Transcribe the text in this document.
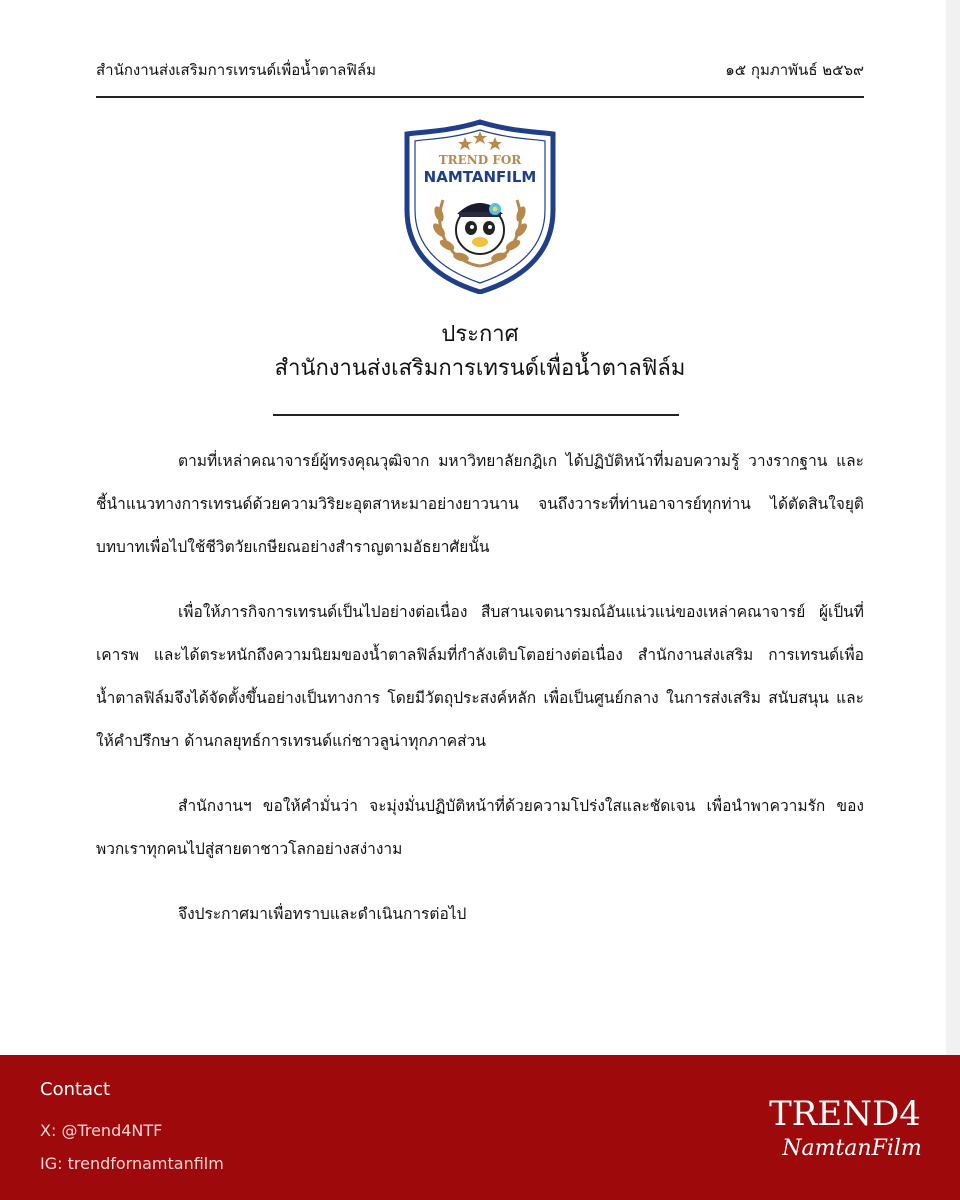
สำนักงานส่งเสริมการเทรนด์เพื่อน้ำตาลฟิล์ม	๑๕ กุมภาพันธ์ ๒๕๖๙
TREND FOR
NAMTANFILM
ประกาศ
สำนักงานส่งเสริมการเทรนด์เพื่อน้ำตาลฟิล์ม

ตามที่เหล่าคณาจารย์ผู้ทรงคุณวุฒิจาก มหาวิทยาลัยกฎิเก ได้ปฏิบัติหน้าที่มอบความรู้ วางรากฐาน และชี้นำแนวทางการเทรนด์ด้วยความวิริยะอุตสาหะมาอย่างยาวนาน จนถึงวาระที่ท่านอาจารย์ทุกท่าน ได้ตัดสินใจยุติบทบาทเพื่อไปใช้ชีวิตวัยเกษียณอย่างสำราญตามอัธยาศัยนั้น

เพื่อให้ภารกิจการเทรนด์เป็นไปอย่างต่อเนื่อง สืบสานเจตนารมณ์อันแน่วแน่ของเหล่าคณาจารย์ ผู้เป็นที่เคารพ และได้ตระหนักถึงความนิยมของน้ำตาลฟิล์มที่กำลังเติบโตอย่างต่อเนื่อง สำนักงานส่งเสริม การเทรนด์เพื่อน้ำตาลฟิล์มจึงได้จัดตั้งขึ้นอย่างเป็นทางการ โดยมีวัตถุประสงค์หลัก เพื่อเป็นศูนย์กลาง ในการส่งเสริม สนับสนุน และให้คำปรึกษา ด้านกลยุทธ์การเทรนด์แก่ชาวลูน่าทุกภาคส่วน

สำนักงานฯ ขอให้คำมั่นว่า จะมุ่งมั่นปฏิบัติหน้าที่ด้วยความโปร่งใสและชัดเจน เพื่อนำพาความรัก ของพวกเราทุกคนไปสู่สายตาชาวโลกอย่างสง่างาม

จึงประกาศมาเพื่อทราบและดำเนินการต่อไป

Contact
X: @Trend4NTF
IG: trendfornamtanfilm
TREND4
NamtanFilm
